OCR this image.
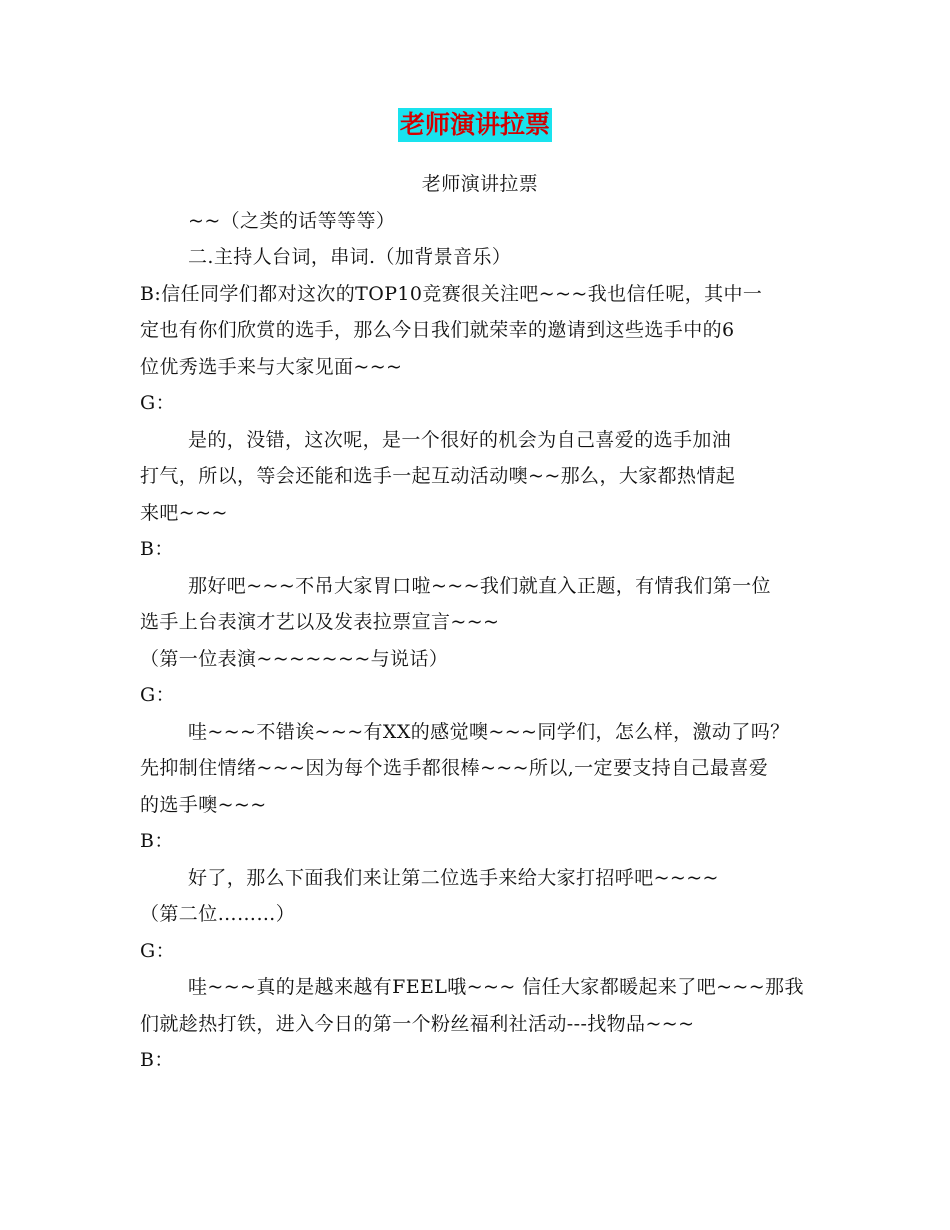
老师演讲拉票
老师演讲拉票
~~（之类的话等等等）
二.主持人台词，串词.（加背景音乐）
B:信任同学们都对这次的TOP10竞赛很关注吧~~~我也信任呢，其中一
定也有你们欣赏的选手，那么今日我们就荣幸的邀请到这些选手中的6
位优秀选手来与大家见面~~~
G：
是的，没错，这次呢，是一个很好的机会为自己喜爱的选手加油
打气，所以，等会还能和选手一起互动活动噢~~那么，大家都热情起
来吧~~~
B：
那好吧~~~不吊大家胃口啦~~~我们就直入正题，有情我们第一位
选手上台表演才艺以及发表拉票宣言~~~
（第一位表演~~~~~~~与说话）
G：
哇~~~不错诶~~~有XX的感觉噢~~~同学们，怎么样，激动了吗？
先抑制住情绪~~~因为每个选手都很棒~~~所以,一定要支持自己最喜爱
的选手噢~~~
B：
好了，那么下面我们来让第二位选手来给大家打招呼吧~~~~
（第二位………）
G：
哇~~~真的是越来越有FEEL哦~~~ 信任大家都暖起来了吧~~~那我
们就趁热打铁，进入今日的第一个粉丝福利社活动---找物品~~~
B：
